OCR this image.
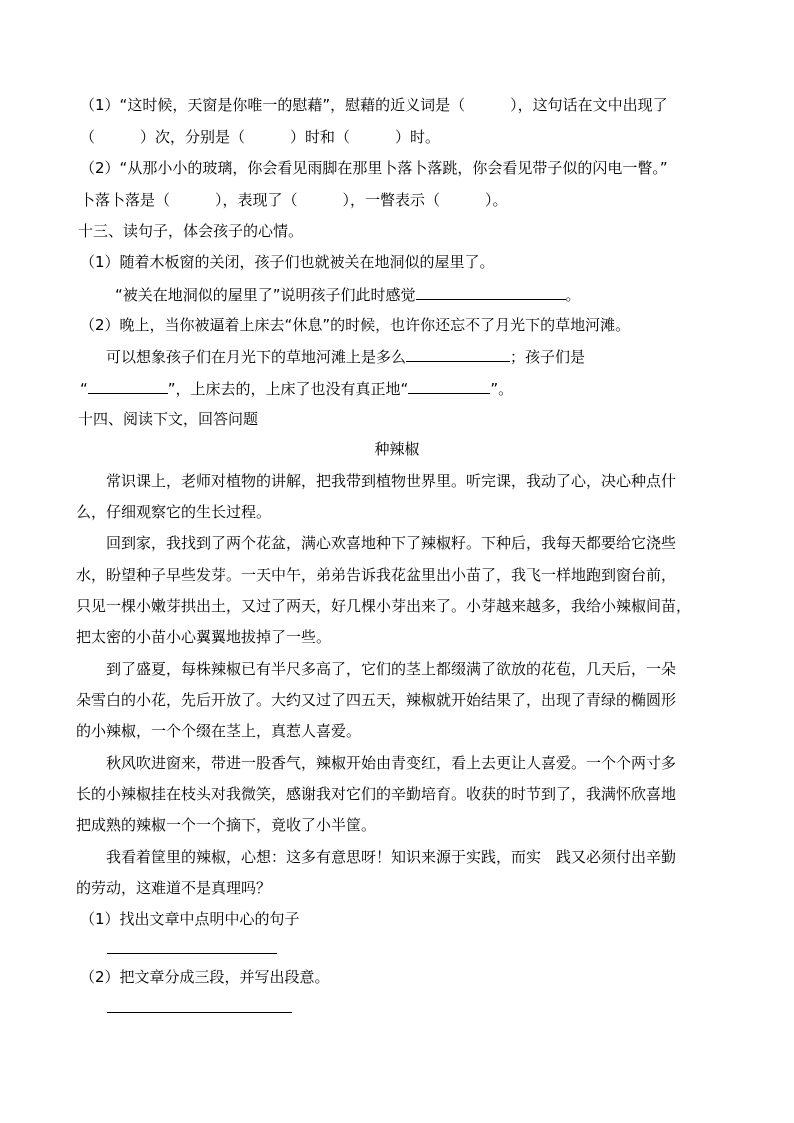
（1）“这时候，天窗是你唯一的慰藉”，慰藉的近义词是（　　　），这句话在文中出现了
（　　　）次，分别是（　　　）时和（　　　）时。
（2）“从那小小的玻璃，你会看见雨脚在那里卜落卜落跳，你会看见带子似的闪电一瞥。”
卜落卜落是（　　　），表现了（　　　），一瞥表示（　　　）。
十三、读句子，体会孩子的心情。
（1）随着木板窗的关闭，孩子们也就被关在地洞似的屋里了。
“被关在地洞似的屋里了”说明孩子们此时感觉	。
（2）晚上，当你被逼着上床去“休息”的时候，也许你还忘不了月光下的草地河滩。
可以想象孩子们在月光下的草地河滩上是多么	；孩子们是
“	”，上床去的，上床了也没有真正地“	”。
十四、阅读下文，回答问题
种辣椒
常识课上，老师对植物的讲解，把我带到植物世界里。听完课，我动了心，决心种点什
么，仔细观察它的生长过程。
回到家，我找到了两个花盆，满心欢喜地种下了辣椒籽。下种后，我每天都要给它浇些
水，盼望种子早些发芽。一天中午，弟弟告诉我花盆里出小苗了，我飞一样地跑到窗台前，
只见一棵小嫩芽拱出土，又过了两天，好几棵小芽出来了。小芽越来越多，我给小辣椒间苗，
把太密的小苗小心翼翼地拔掉了一些。
到了盛夏，每株辣椒已有半尺多高了，它们的茎上都缀满了欲放的花苞，几天后，一朵
朵雪白的小花，先后开放了。大约又过了四五天，辣椒就开始结果了，出现了青绿的椭圆形
的小辣椒，一个个缀在茎上，真惹人喜爱。
秋风吹进窗来，带进一股香气，辣椒开始由青变红，看上去更让人喜爱。一个个两寸多
长的小辣椒挂在枝头对我微笑，感谢我对它们的辛勤培育。收获的时节到了，我满怀欣喜地
把成熟的辣椒一个一个摘下，竟收了小半筐。
我看着筐里的辣椒，心想：这多有意思呀！知识来源于实践，而实　践又必须付出辛勤
的劳动，这难道不是真理吗？
（1）找出文章中点明中心的句子
（2）把文章分成三段，并写出段意。
